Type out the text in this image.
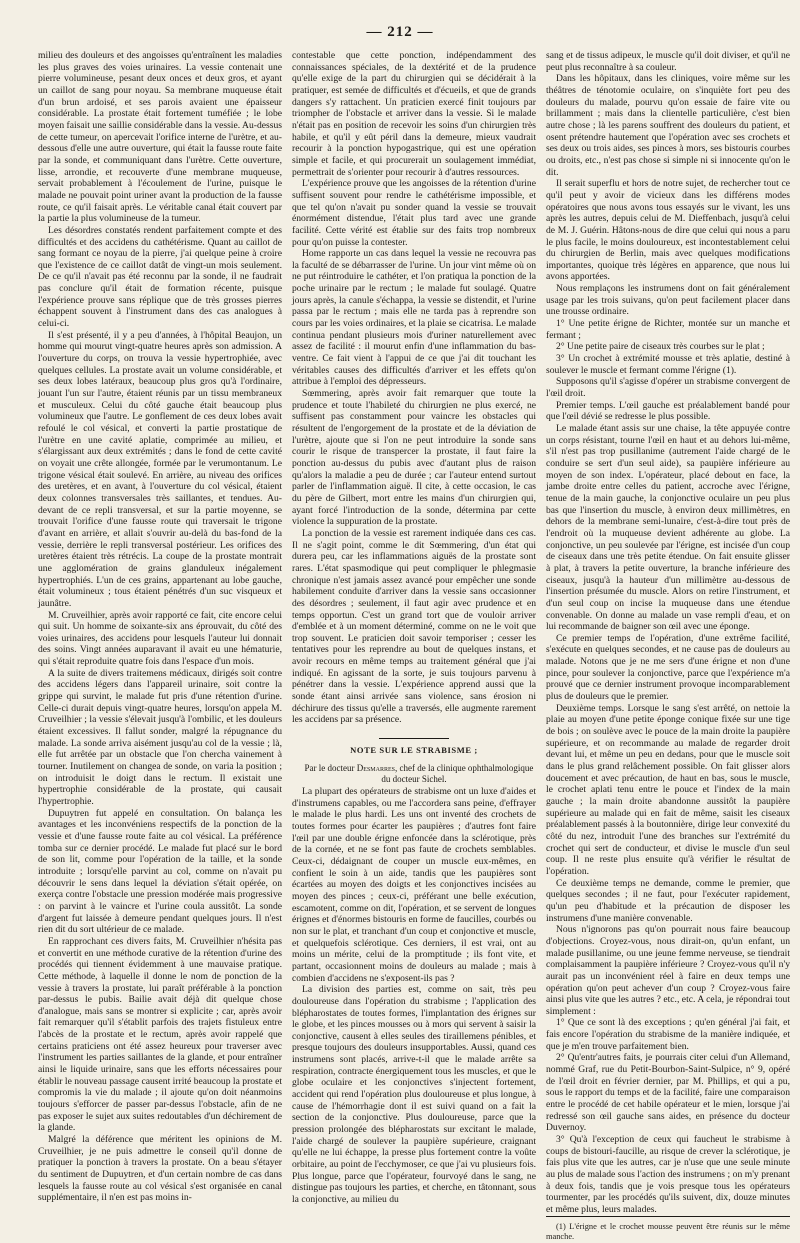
— 212 —

milieu des douleurs et des angoisses qu'entraînent les maladies les plus graves des voies urinaires. La vessie contenait une pierre volumineuse, pesant deux onces et deux gros, et ayant un caillot de sang pour noyau. Sa membrane muqueuse était d'un brun ardoisé, et ses parois avaient une épaisseur considérable. La prostate était fortement tuméfiée ; le lobe moyen faisait une saillie considérable dans la vessie. Au-dessus de cette tumeur, on apercevait l'orifice interne de l'urètre, et au-dessous d'elle une autre ouverture, qui était la fausse route faite par la sonde, et communiquant dans l'urètre. Cette ouverture, lisse, arrondie, et recouverte d'une membrane muqueuse, servait probablement à l'écoulement de l'urine, puisque le malade ne pouvait point uriner avant la production de la fausse route, ce qu'il faisait après. Le véritable canal était couvert par la partie la plus volumineuse de la tumeur.

Les désordres constatés rendent parfaitement compte et des difficultés et des accidens du cathétérisme. Quant au caillot de sang formant ce noyau de la pierre, j'ai quelque peine à croire que l'existence de ce caillot datât de vingt-un mois seulement. De ce qu'il n'avait pas été reconnu par la sonde, il ne faudrait pas conclure qu'il était de formation récente, puisque l'expérience prouve sans réplique que de très grosses pierres échappent souvent à l'instrument dans des cas analogues à celui-ci.

Il s'est présenté, il y a peu d'années, à l'hôpital Beaujon, un homme qui mourut vingt-quatre heures après son admission. A l'ouverture du corps, on trouva la vessie hypertrophiée, avec quelques cellules. La prostate avait un volume considérable, et ses deux lobes latéraux, beaucoup plus gros qu'à l'ordinaire, jouant l'un sur l'autre, étaient réunis par un tissu membraneux et musculeux. Celui du côté gauche était beaucoup plus volumineux que l'autre. Le gonflement de ces deux lobes avait refoulé le col vésical, et converti la partie prostatique de l'urètre en une cavité aplatie, comprimée au milieu, et s'élargissant aux deux extrémités ; dans le fond de cette cavité on voyait une crête allongée, formée par le verumontanum. Le trigone vésical était soulevé. En arrière, au niveau des orifices des uretères, et en avant, à l'ouverture du col vésical, étaient deux colonnes transversales très saillantes, et tendues. Au-devant de ce repli transversal, et sur la partie moyenne, se trouvait l'orifice d'une fausse route qui traversait le trigone d'avant en arrière, et allait s'ouvrir au-delà du bas-fond de la vessie, derrière le repli transversal postérieur. Les orifices des uretères étaient très rétrécis. La coupe de la prostate montrait une agglomération de grains glanduleux inégalement hypertrophiés. L'un de ces grains, appartenant au lobe gauche, était volumineux ; tous étaient pénétrés d'un suc visqueux et jaunâtre.

M. Cruveilhier, après avoir rapporté ce fait, cite encore celui qui suit. Un homme de soixante-six ans éprouvait, du côté des voies urinaires, des accidens pour lesquels l'auteur lui donnait des soins. Vingt années auparavant il avait eu une hématurie, qui s'était reproduite quatre fois dans l'espace d'un mois.

A la suite de divers traitemens médicaux, dirigés soit contre des accidens légers dans l'appareil urinaire, soit contre la grippe qui survint, le malade fut pris d'une rétention d'urine. Celle-ci durait depuis vingt-quatre heures, lorsqu'on appela M. Cruveilhier ; la vessie s'élevait jusqu'à l'ombilic, et les douleurs étaient excessives. Il fallut sonder, malgré la répugnance du malade. La sonde arriva aisément jusqu'au col de la vessie ; là, elle fut arrêtée par un obstacle que l'on chercha vainement à tourner. Inutilement on changea de sonde, on varia la position ; on introduisit le doigt dans le rectum. Il existait une hypertrophie considérable de la prostate, qui causait l'hypertrophie.

Dupuytren fut appelé en consultation. On balança les avantages et les inconvéniens respectifs de la ponction de la vessie et d'une fausse route faite au col vésical. La préférence tomba sur ce dernier procédé. Le malade fut placé sur le bord de son lit, comme pour l'opération de la taille, et la sonde introduite ; lorsqu'elle parvint au col, comme on n'avait pu découvrir le sens dans lequel la déviation s'était opérée, on exerça contre l'obstacle une pression modérée mais progressive : on parvint à le vaincre et l'urine coula aussitôt. La sonde d'argent fut laissée à demeure pendant quelques jours. Il n'est rien dit du sort ultérieur de ce malade.

En rapprochant ces divers faits, M. Cruveilhier n'hésita pas et convertit en une méthode curative de la rétention d'urine des procédés qui tiennent évidemment à une mauvaise pratique. Cette méthode, à laquelle il donne le nom de ponction de la vessie à travers la prostate, lui paraît préférable à la ponction par-dessus le pubis. Bailie avait déjà dit quelque chose d'analogue, mais sans se montrer si explicite ; car, après avoir fait remarquer qu'il s'établit parfois des trajets fistuleux entre l'abcès de la prostate et le rectum, après avoir rappelé que certains praticiens ont été assez heureux pour traverser avec l'instrument les parties saillantes de la glande, et pour entraîner ainsi le liquide urinaire, sans que les efforts nécessaires pour établir le nouveau passage causent irrité beaucoup la prostate et compromis la vie du malade ; il ajoute qu'on doit néanmoins toujours s'efforcer de passer par-dessus l'obstacle, afin de ne pas exposer le sujet aux suites redoutables d'un déchirement de la glande.

Malgré la déférence que méritent les opinions de M. Cruveilhier, je ne puis admettre le conseil qu'il donne de pratiquer la ponction à travers la prostate. On a beau s'étayer du sentiment de Dupuytren, et d'un certain nombre de cas dans lesquels la fausse route au col vésical s'est organisée en canal supplémentaire, il n'en est pas moins in-

contestable que cette ponction, indépendamment des connaissances spéciales, de la dextérité et de la prudence qu'elle exige de la part du chirurgien qui se décidérait à la pratiquer, est semée de difficultés et d'écueils, et que de grands dangers s'y rattachent. Un praticien exercé finit toujours par triompher de l'obstacle et arriver dans la vessie. Si le malade n'était pas en position de recevoir les soins d'un chirurgien très habile, et qu'il y eût péril dans la demeure, mieux vaudrait recourir à la ponction hypogastrique, qui est une opération simple et facile, et qui procurerait un soulagement immédiat, permettrait de s'orienter pour recourir à d'autres ressources.

L'expérience prouve que les angoisses de la rétention d'urine suffisent souvent pour rendre le cathétérisme impossible, et que tel qu'on n'avait pu sonder quand la vessie se trouvait énormément distendue, l'était plus tard avec une grande facilité. Cette vérité est établie sur des faits trop nombreux pour qu'on puisse la contester.

Home rapporte un cas dans lequel la vessie ne recouvra pas la faculté de se débarrasser de l'urine. Un jour vint même où on ne put réintroduire le cathéter, et l'on pratiqua la ponction de la poche urinaire par le rectum ; le malade fut soulagé. Quatre jours après, la canule s'échappa, la vessie se distendit, et l'urine passa par le rectum ; mais elle ne tarda pas à reprendre son cours par les voies ordinaires, et la plaie se cicatrisa. Le malade continua pendant plusieurs mois d'uriner naturellement avec assez de facilité : il mourut enfin d'une inflammation du bas-ventre. Ce fait vient à l'appui de ce que j'ai dit touchant les véritables causes des difficultés d'arriver et les effets qu'on attribue à l'emploi des dépresseurs.

Sœmmering, après avoir fait remarquer que toute la prudence et toute l'habileté du chirurgien ne plus exercé, ne suffisent pas constamment pour vaincre les obstacles qui résultent de l'engorgement de la prostate et de la déviation de l'urètre, ajoute que si l'on ne peut introduire la sonde sans courir le risque de transpercer la prostate, il faut faire la ponction au-dessus du pubis avec d'autant plus de raison qu'alors la maladie a peu de durée ; car l'auteur entend surtout parler de l'inflammation aiguë. Il cite, à cette occasion, le cas du père de Gilbert, mort entre les mains d'un chirurgien qui, ayant forcé l'introduction de la sonde, détermina par cette violence la suppuration de la prostate.

La ponction de la vessie est rarement indiquée dans ces cas. Il ne s'agit point, comme le dit Sœmmering, d'un état qui durera peu, car les inflammations aiguës de la prostate sont rares. L'état spasmodique qui peut compliquer le phlegmasie chronique n'est jamais assez avancé pour empêcher une sonde habilement conduite d'arriver dans la vessie sans occasionner des désordres ; seulement, il faut agir avec prudence et en temps opportun. C'est un grand tort que de vouloir arriver d'emblée et à un moment déterminé, comme on ne le voit que trop souvent. Le praticien doit savoir temporiser ; cesser les tentatives pour les reprendre au bout de quelques instans, et avoir recours en même temps au traitement général que j'ai indiqué. En agissant de la sorte, je suis toujours parvenu à pénétrer dans la vessie. L'expérience apprend aussi que la sonde étant ainsi arrivée sans violence, sans érosion ni déchirure des tissus qu'elle a traversés, elle augmente rarement les accidens par sa présence.

NOTE SUR LE STRABISME ;

Par le docteur Desmarres, chef de la clinique ophthalmologique du docteur Sichel.

La plupart des opérateurs de strabisme ont un luxe d'aides et d'instrumens capables, ou me l'accordera sans peine, d'effrayer le malade le plus hardi. Les uns ont inventé des crochets de toutes formes pour écarter les paupières ; d'autres font faire l'œil par une double érigne enfoncée dans la sclérotique, près de la cornée, et ne se font pas faute de crochets semblables. Ceux-ci, dédaignant de couper un muscle eux-mêmes, en confient le soin à un aide, tandis que les paupières sont écartées au moyen des doigts et les conjonctives incisées au moyen des pinces ; ceux-ci, préférant une belle exécution, escamotent, comme on dit, l'opération, et se servent de longues érignes et d'énormes bistouris en forme de faucilles, courbés ou non sur le plat, et tranchant d'un coup et conjonctive et muscle, et quelquefois sclérotique. Ces derniers, il est vrai, ont au moins un mérite, celui de la promptitude ; ils font vite, et partant, occasionnent moins de douleurs au malade ; mais à combien d'accidens ne s'exposent-ils pas ?

La division des parties est, comme on sait, très peu douloureuse dans l'opération du strabisme ; l'application des blépharostates de toutes formes, l'implantation des érignes sur le globe, et les pinces mousses ou à mors qui servent à saisir la conjonctive, causent à elles seules des tiraillemens pénibles, et presque toujours des douleurs insupportables. Aussi, quand ces instrumens sont placés, arrive-t-il que le malade arrête sa respiration, contracte énergiquement tous les muscles, et que le globe oculaire et les conjonctives s'injectent fortement, accident qui rend l'opération plus douloureuse et plus longue, à cause de l'hémorrhagie dont il est suivi quand on a fait la section de la conjonctive. Plus douloureuse, parce que la pression prolongée des blépharostats sur excitant le malade, l'aide chargé de soulever la paupière supérieure, craignant qu'elle ne lui échappe, la presse plus fortement contre la voûte orbitaire, au point de l'ecchymoser, ce que j'ai vu plusieurs fois. Plus longue, parce que l'opérateur, fourvoyé dans le sang, ne distingue pas toujours les parties, et cherche, en tâtonnant, sous la conjonctive, au milieu du

sang et de tissus adipeux, le muscle qu'il doit diviser, et qu'il ne peut plus reconnaître à sa couleur.

Dans les hôpitaux, dans les cliniques, voire même sur les théâtres de ténotomie oculaire, on s'inquiète fort peu des douleurs du malade, pourvu qu'on essaie de faire vite ou brillamment ; mais dans la clientelle particulière, c'est bien autre chose ; là les parens souffrent des douleurs du patient, et osent prétendre hautement que l'opération avec ses crochets et ses deux ou trois aides, ses pinces à mors, ses bistouris courbes ou droits, etc., n'est pas chose si simple ni si innocente qu'on le dit.

Il serait superflu et hors de notre sujet, de rechercher tout ce qu'il peut y avoir de vicieux dans les différens modes opératoires que nous avons tous essayés sur le vivant, les uns après les autres, depuis celui de M. Dieffenbach, jusqu'à celui de M. J. Guérin. Hâtons-nous de dire que celui qui nous a paru le plus facile, le moins douloureux, est incontestablement celui du chirurgien de Berlin, mais avec quelques modifications importantes, quoique très légères en apparence, que nous lui avons apportées.

Nous remplaçons les instrumens dont on fait généralement usage par les trois suivans, qu'on peut facilement placer dans une trousse ordinaire.

1° Une petite érigne de Richter, montée sur un manche et fermant ;

2° Une petite paire de ciseaux très courbes sur le plat ;

3° Un crochet à extrémité mousse et très aplatie, destiné à soulever le muscle et fermant comme l'érigne (1).

Supposons qu'il s'agisse d'opérer un strabisme convergent de l'œil droit.

Premier temps. L'œil gauche est préalablement bandé pour que l'œil dévié se redresse le plus possible.

Le malade étant assis sur une chaise, la tête appuyée contre un corps résistant, tourne l'œil en haut et au dehors lui-même, s'il n'est pas trop pusillanime (autrement l'aide chargé de le conduire se sert d'un seul aide), sa paupière inférieure au moyen de son index. L'opérateur, placé debout en face, la jambe droite entre celles du patient, accroche avec l'érigne, tenue de la main gauche, la conjonctive oculaire un peu plus bas que l'insertion du muscle, à environ deux millimètres, en dehors de la membrane semi-lunaire, c'est-à-dire tout près de l'endroit où la muqueuse devient adhérente au globe. La conjonctive, un peu soulevée par l'érigne, est incisée d'un coup de ciseaux dans une très petite étendue. On fait ensuite glisser à plat, à travers la petite ouverture, la branche inférieure des ciseaux, jusqu'à la hauteur d'un millimètre au-dessous de l'insertion présumée du muscle. Alors on retire l'instrument, et d'un seul coup on incise la muqueuse dans une étendue convenable. On donne au malade un vase rempli d'eau, et on lui recommande de baigner son œil avec une éponge.

Ce premier temps de l'opération, d'une extrême facilité, s'exécute en quelques secondes, et ne cause pas de douleurs au malade. Notons que je ne me sers d'une érigne et non d'une pince, pour soulever la conjonctive, parce que l'expérience m'a prouvé que ce dernier instrument provoque incomparablement plus de douleurs que le premier.

Deuxième temps. Lorsque le sang s'est arrêté, on nettoie la plaie au moyen d'une petite éponge conique fixée sur une tige de bois ; on soulève avec le pouce de la main droite la paupière supérieure, et on recommande au malade de regarder droit devant lui, et même un peu en dedans, pour que le muscle soit dans le plus grand relâchement possible. On fait glisser alors doucement et avec précaution, de haut en bas, sous le muscle, le crochet aplati tenu entre le pouce et l'index de la main gauche ; la main droite abandonne aussitôt la paupière supérieure au malade qui en fait de même, saisit les ciseaux préalablement passés à la boutonnière, dirige leur convexité du côté du nez, introduit l'une des branches sur l'extrémité du crochet qui sert de conducteur, et divise le muscle d'un seul coup. Il ne reste plus ensuite qu'à vérifier le résultat de l'opération.

Ce deuxième temps ne demande, comme le premier, que quelques secondes ; il ne faut, pour l'exécuter rapidement, qu'un peu d'habitude et la précaution de disposer les instrumens d'une manière convenable.

Nous n'ignorons pas qu'on pourrait nous faire beaucoup d'objections. Croyez-vous, nous dirait-on, qu'un enfant, un malade pusillanime, ou une jeune femme nerveuse, se tiendrait complaisamment la paupière inférieure ? Croyez-vous qu'il n'y aurait pas un inconvénient réel à faire en deux temps une opération qu'on peut achever d'un coup ? Croyez-vous faire ainsi plus vite que les autres ? etc., etc. A cela, je répondrai tout simplement :

1° Que ce sont là des exceptions ; qu'en général j'ai fait, et fais encore l'opération du strabisme de la manière indiquée, et que je m'en trouve parfaitement bien.

2° Qu'entr'autres faits, je pourrais citer celui d'un Allemand, nommé Graf, rue du Petit-Bourbon-Saint-Sulpice, n° 9, opéré de l'œil droit en février dernier, par M. Phillips, et qui a pu, sous le rapport du temps et de la facilité, faire une comparaison entre le procédé de cet habile opérateur et le mien, lorsque j'ai redressé son œil gauche sans aides, en présence du docteur Duvernoy.

3° Qu'à l'exception de ceux qui faucheut le strabisme à coups de bistouri-faucille, au risque de crever la sclérotique, je fais plus vite que les autres, car je n'use que une seule minute au plus de malade sous l'action des instrumens ; on m'y prenant à deux fois, tandis que je vois presque tous les opérateurs tourmenter, par les procédés qu'ils suivent, dix, douze minutes et même plus, leurs malades.

(1) L'érigne et le crochet mousse peuvent être réunis sur le même manche.
